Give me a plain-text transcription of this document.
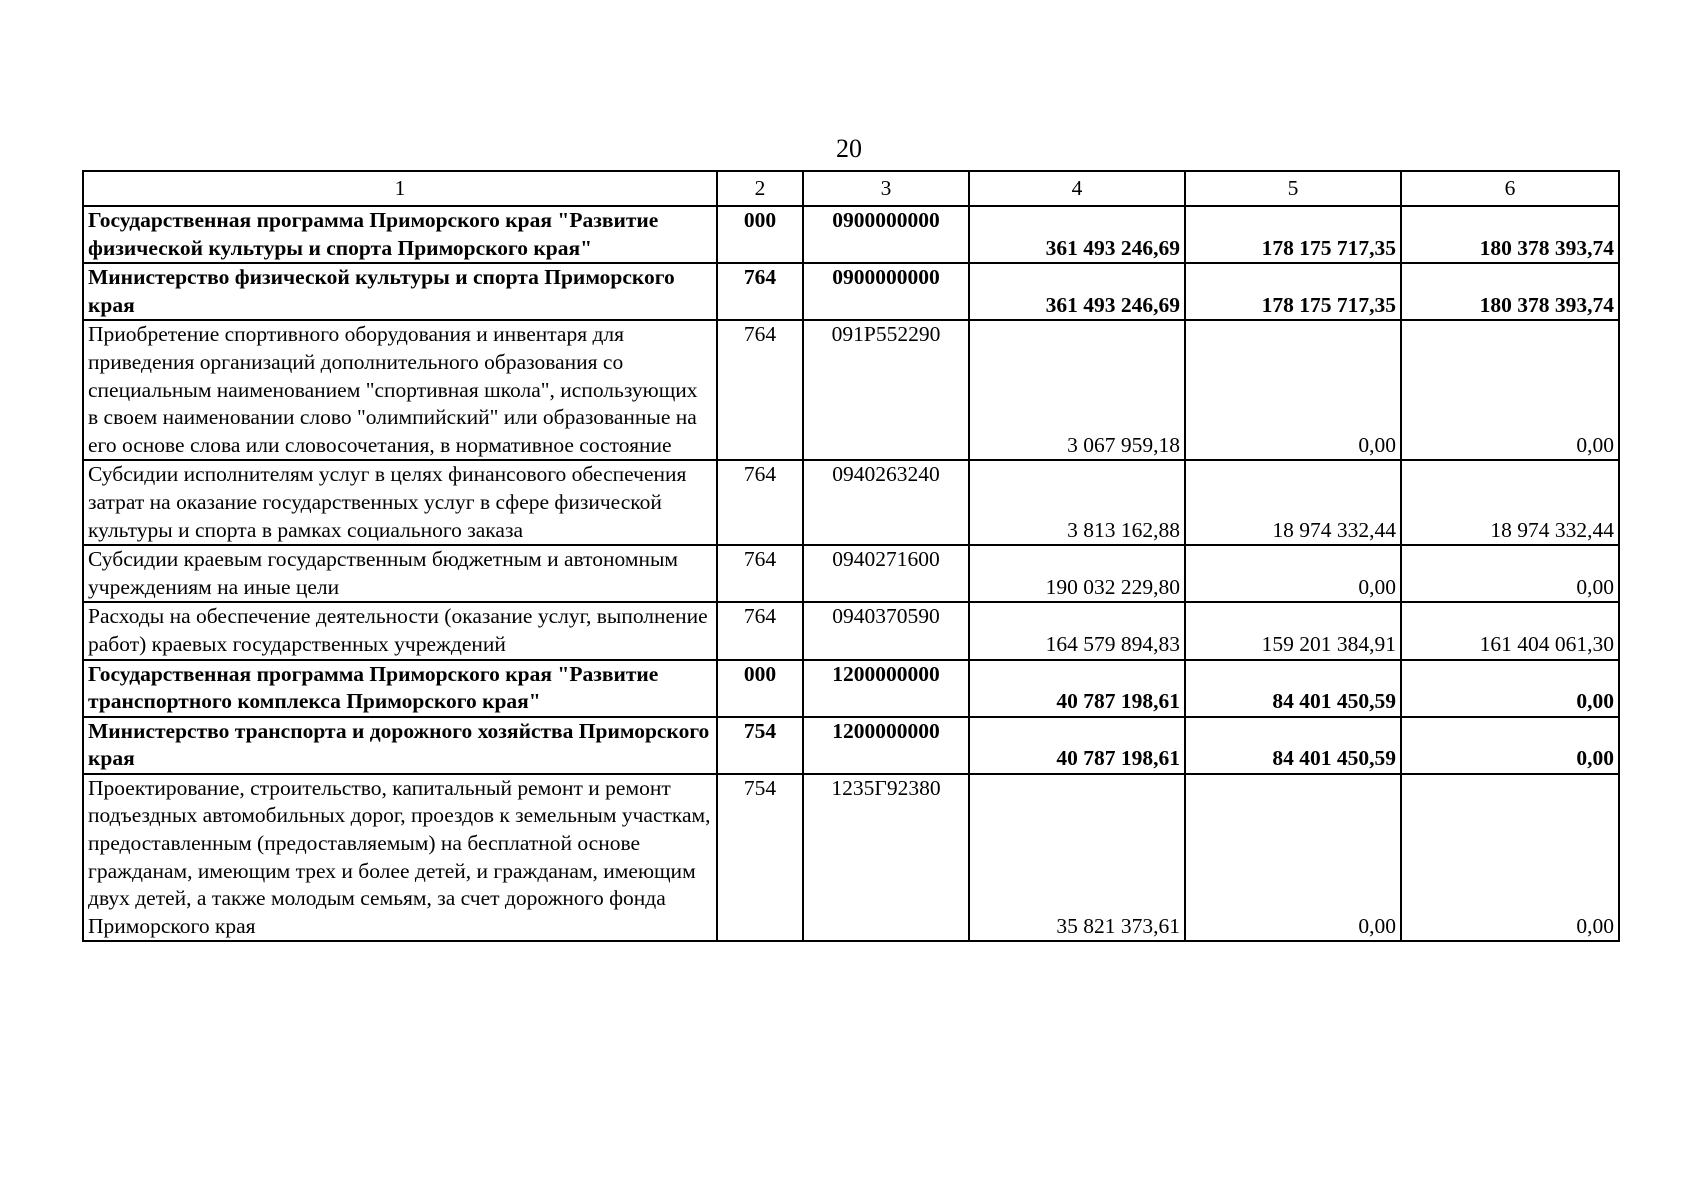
20
1	2	3	4	5	6
Государственная программа Приморского края "Развитие физической культуры и спорта Приморского края"	000	0900000000	361 493 246,69	178 175 717,35	180 378 393,74
Министерство физической культуры и спорта Приморского края	764	0900000000	361 493 246,69	178 175 717,35	180 378 393,74
Приобретение спортивного оборудования и инвентаря для приведения организаций дополнительного образования со специальным наименованием "спортивная школа", использующих в своем наименовании слово "олимпийский" или образованные на его основе слова или словосочетания, в нормативное состояние	764	091P552290	3 067 959,18	0,00	0,00
Субсидии исполнителям услуг в целях финансового обеспечения затрат на оказание государственных услуг в сфере физической культуры и спорта в рамках социального заказа	764	0940263240	3 813 162,88	18 974 332,44	18 974 332,44
Субсидии краевым государственным бюджетным и автономным учреждениям на иные цели	764	0940271600	190 032 229,80	0,00	0,00
Расходы на обеспечение деятельности (оказание услуг, выполнение работ) краевых государственных учреждений	764	0940370590	164 579 894,83	159 201 384,91	161 404 061,30
Государственная программа Приморского края "Развитие транспортного комплекса Приморского края"	000	1200000000	40 787 198,61	84 401 450,59	0,00
Министерство транспорта и дорожного хозяйства Приморского края	754	1200000000	40 787 198,61	84 401 450,59	0,00
Проектирование, строительство, капитальный ремонт и ремонт подъездных автомобильных дорог, проездов к земельным участкам, предоставленным (предоставляемым) на бесплатной основе гражданам, имеющим трех и более детей, и гражданам, имеющим двух детей, а также молодым семьям, за счет дорожного фонда Приморского края	754	1235Г92380	35 821 373,61	0,00	0,00
